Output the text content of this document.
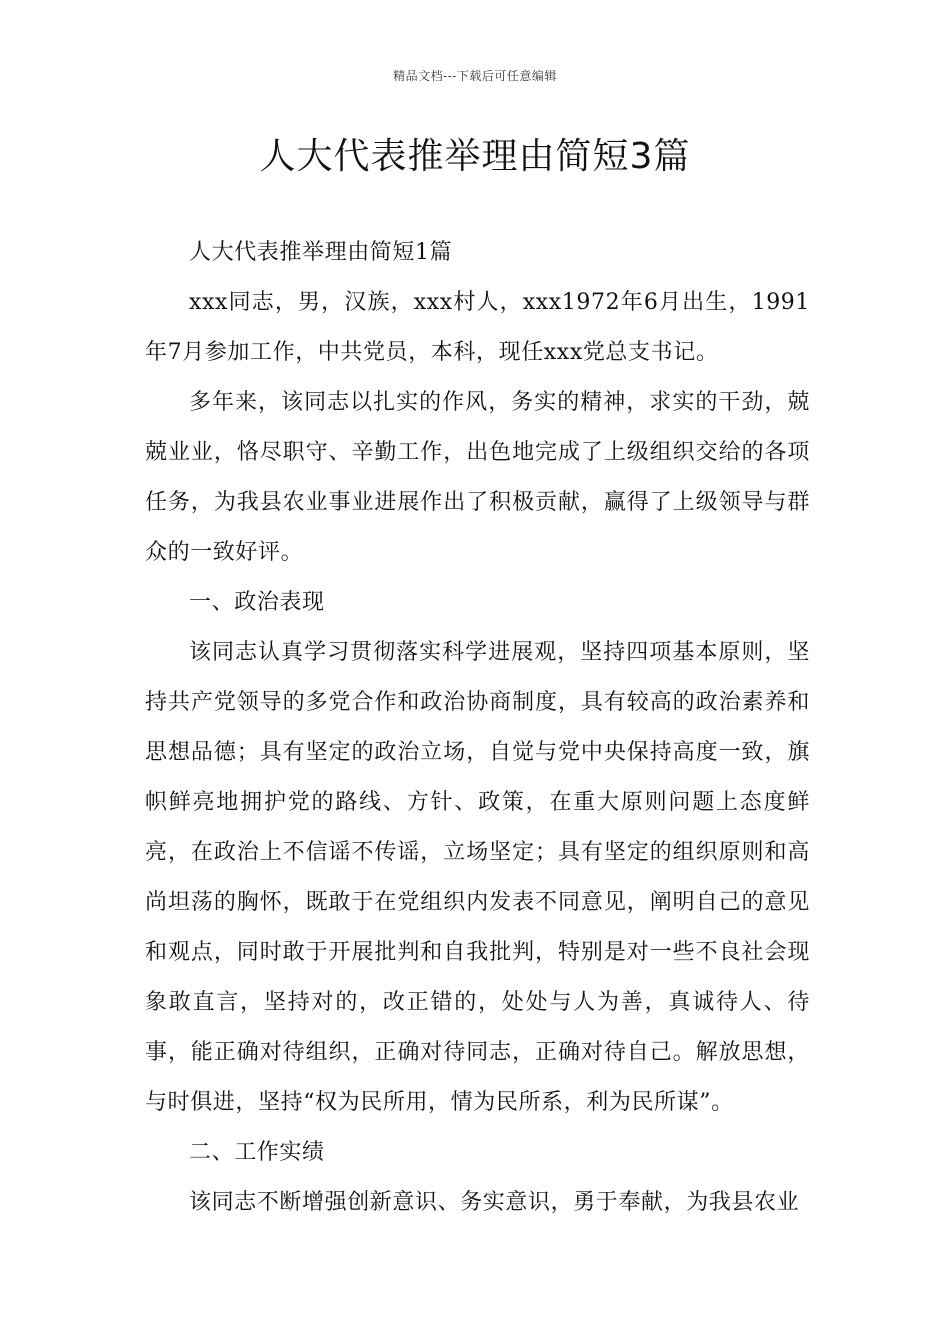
精品文档---下载后可任意编辑
人大代表推举理由简短3篇

人大代表推举理由简短1篇

xxx同志，男，汉族，xxx村人，xxx1972年6月出生，1991年7月参加工作，中共党员，本科，现任xxx党总支书记。

多年来，该同志以扎实的作风，务实的精神，求实的干劲，兢兢业业，恪尽职守、辛勤工作，出色地完成了上级组织交给的各项任务，为我县农业事业进展作出了积极贡献，赢得了上级领导与群众的一致好评。

一、政治表现

该同志认真学习贯彻落实科学进展观，坚持四项基本原则，坚持共产党领导的多党合作和政治协商制度，具有较高的政治素养和思想品德；具有坚定的政治立场，自觉与党中央保持高度一致，旗帜鲜亮地拥护党的路线、方针、政策，在重大原则问题上态度鲜亮，在政治上不信谣不传谣，立场坚定；具有坚定的组织原则和高尚坦荡的胸怀，既敢于在党组织内发表不同意见，阐明自己的意见和观点，同时敢于开展批判和自我批判，特别是对一些不良社会现象敢直言，坚持对的，改正错的，处处与人为善，真诚待人、待事，能正确对待组织，正确对待同志，正确对待自己。解放思想，与时俱进，坚持“权为民所用，情为民所系，利为民所谋”。

二、工作实绩

该同志不断增强创新意识、务实意识，勇于奉献，为我县农业
